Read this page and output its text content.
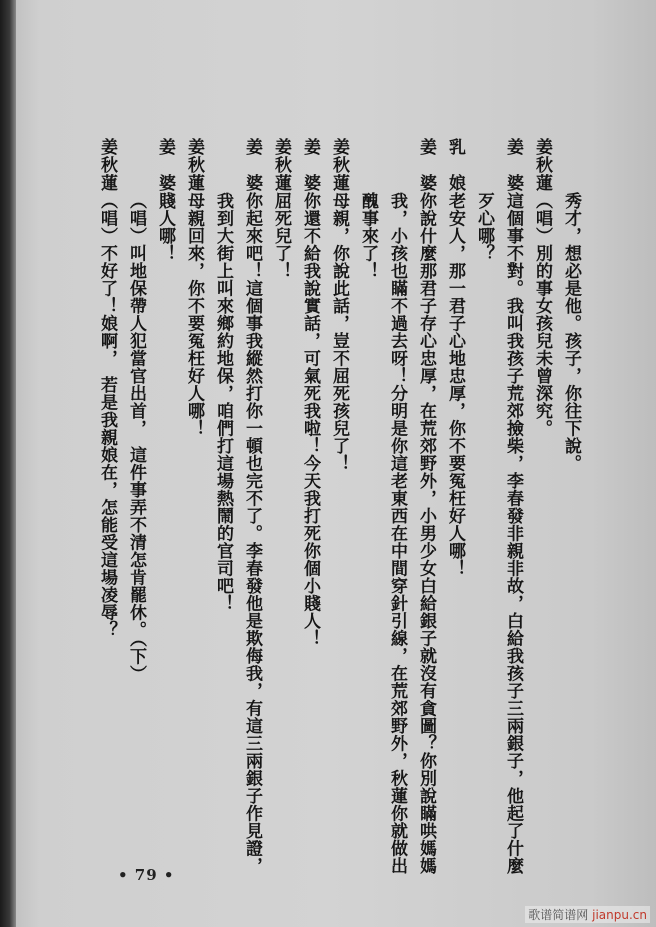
秀才，想必是他。孩子，你往下說。
姜秋蓮
（唱）別的事女孩兒未曾深究。
姜　婆
這個事不對。我叫我孩子荒郊撿柴，李春發非親非故，白給我孩子三兩銀子，他起了什麼
歹心哪？
乳　娘
老安人，那一君子心地忠厚，你不要冤枉好人哪！
姜　婆
你說什麼那君子存心忠厚，在荒郊野外，小男少女白給銀子就沒有貪圖？你別說瞞哄媽媽
我，小孩也瞞不過去呀！分明是你這老東西在中間穿針引線，在荒郊野外，秋蓮你就做出
醜事來了！
姜秋蓮
母親，你說此話，豈不屈死孩兒了！
姜　婆
你還不給我說實話，可氣死我啦！今天我打死你個小賤人！
姜秋蓮
屈死兒了！
姜　婆
你起來吧！這個事我縱然打你一頓也完不了。李春發他是欺侮我，有這三兩銀子作見證，
我到大街上叫來鄉約地保，咱們打這場熱鬧的官司吧！
姜秋蓮
母親回來，你不要冤枉好人哪！
姜　婆
賤人哪！
（唱）叫地保帶人犯當官出首，　這件事弄不清怎肯罷休。（下）
姜秋蓮
（唱）不好了！娘啊，　若是我親娘在，怎能受這場凌辱？
• 79 •
歌谱简谱网 jianpu.cn
